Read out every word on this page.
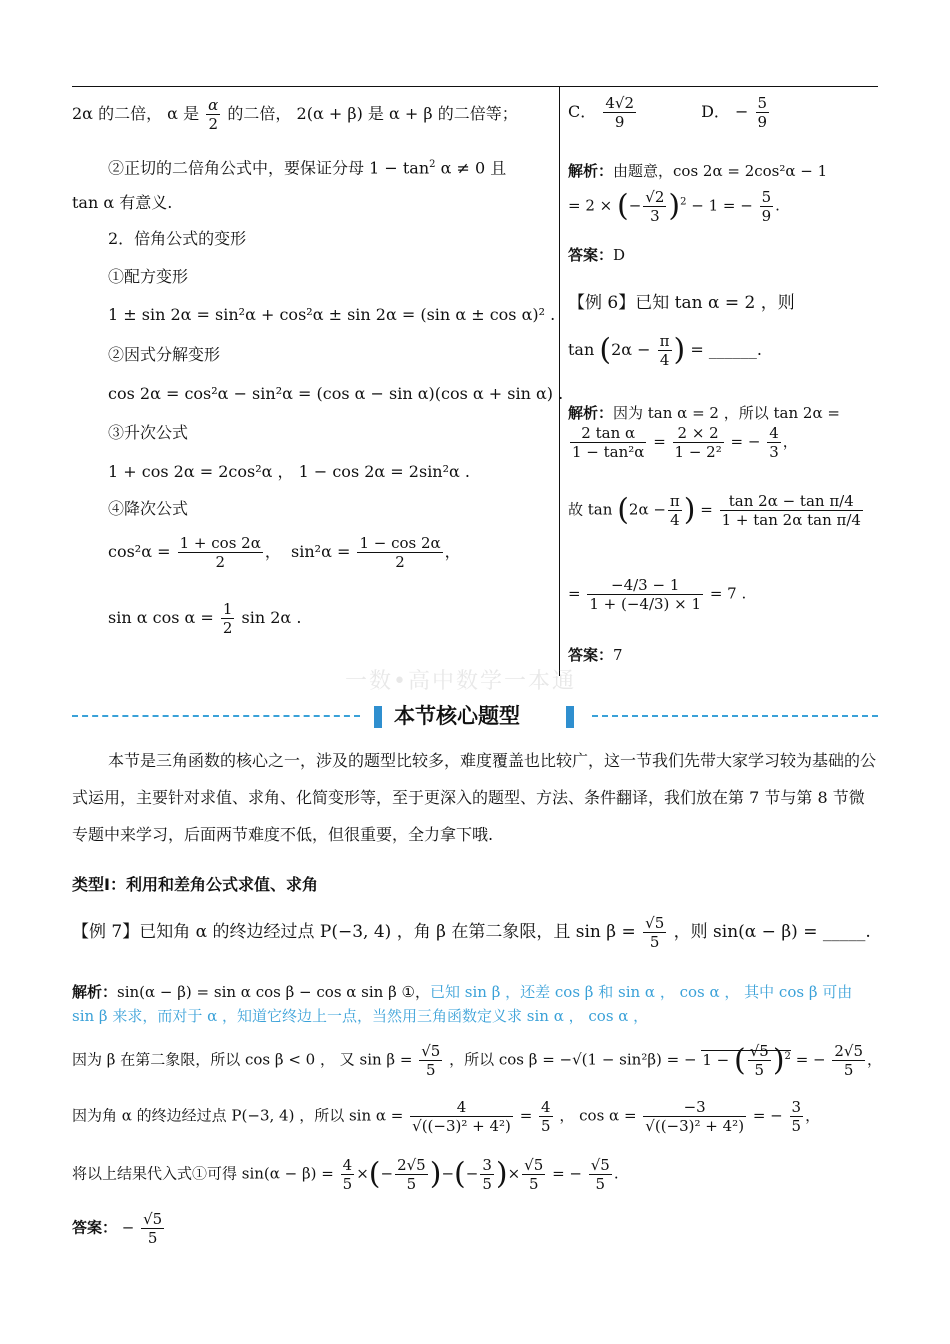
2α 的二倍， α 是 $\frac{\alpha}{2}$ 的二倍， 2(α + β) 是 α + β 的二倍等；
②正切的二倍角公式中，要保证分母 $1 - \tan^2 \alpha \ne 0$ 且
tan α 有意义.
2．倍角公式的变形
①配方变形
1 ± sin 2α = sin²α + cos²α ± sin 2α = (sin α ± cos α)² .
②因式分解变形
cos 2α = cos²α − sin²α = (cos α − sin α)(cos α + sin α) .
③升次公式
1 + cos 2α = 2cos²α ， 1 − cos 2α = 2sin²α .
④降次公式
$\cos^2\alpha = \frac{1 + \cos 2\alpha}{2}$ ，  $\sin^2\alpha = \frac{1 - \cos 2\alpha}{2}$ ，
sin α $\cos \alpha = \frac{1}{2}$ sin 2α .
C． $\frac{4√2}{9}$	D． − $\frac{5}{9}$
解析：由题意，cos 2α = 2cos²α − 1
= 2 × (− $\frac{√2}{3} )^2 - 1$ = − $\frac{5}{9}$ .
答案：D
【例 6】已知 tan α = 2 ，则
$\tan (2\alpha - \frac{\pi}{4}$ ) = ______.
解析：因为 tan α = 2 ，所以 tan 2α =
$\frac{\text{2 tan α}}{\text{1 − tan²α}} = \frac{2 \times 2}{\text{1 − 2²}}$ = − $\frac{4}{3}$ ，
故 $\tan (2\alpha - \frac{\pi}{4}$ ) = $\frac{\text{tan 2α − tan π/4}}{\text{1 + tan 2α tan π/4}}$
= $\frac{-4/3 - 1}{1 + (-4/3) \times 1} = 7$ .
答案：7
一数•高中数学一本通
本节核心题型
本节是三角函数的核心之一，涉及的题型比较多，难度覆盖也比较广，这一节我们先带大家学习较为基础的公式运用，主要针对求值、求角、化简变形等，至于更深入的题型、方法、条件翻译，我们放在第 7 节与第 8 节微专题中来学习，后面两节难度不低，但很重要，全力拿下哦.
类型Ⅰ：利用和差角公式求值、求角
【例 7】已知角 α 的终边经过点 P(−3, 4) ，角 β 在第二象限，且 $\sin \beta = \frac{√5}{5}$ ，则 sin(α − β) = _____.
解析：sin(α − β) = sin α cos β − cos α sin β ①，已知 sin β ，还差 cos β 和 sin α ， cos α ， 其中 cos β 可由 sin β 来求，而对于 α ，知道它终边上一点，当然用三角函数定义求 sin α ， cos α ，
因为 β 在第二象限，所以 cos β < 0 ， 又 $\sin \beta = \frac{√5}{5}$ ，所以 cos β = −√(1 − sin²β) = − 1 − ( $\frac{√5}{5} )^2$ = − $\frac{2√5}{5}$ ，
因为角 α 的终边经过点 P(−3, 4) ，所以 $\sin \alpha = \frac{4}{\text{√((−3)² + 4²)}} = \frac{4}{5}$ ， $\cos \alpha = \frac{-3}{\text{√((−3)² + 4²)}}$ = − $\frac{3}{5}$ ，
将以上结果代入式①可得 $\sin(\alpha - \beta) = \frac{4}{5}$ ×(− $\frac{2√5}{5}$ )−(− $\frac{3}{5}$ )× $\frac{√5}{5}$ = − $\frac{√5}{5}$ .
答案： − $\frac{√5}{5}$
